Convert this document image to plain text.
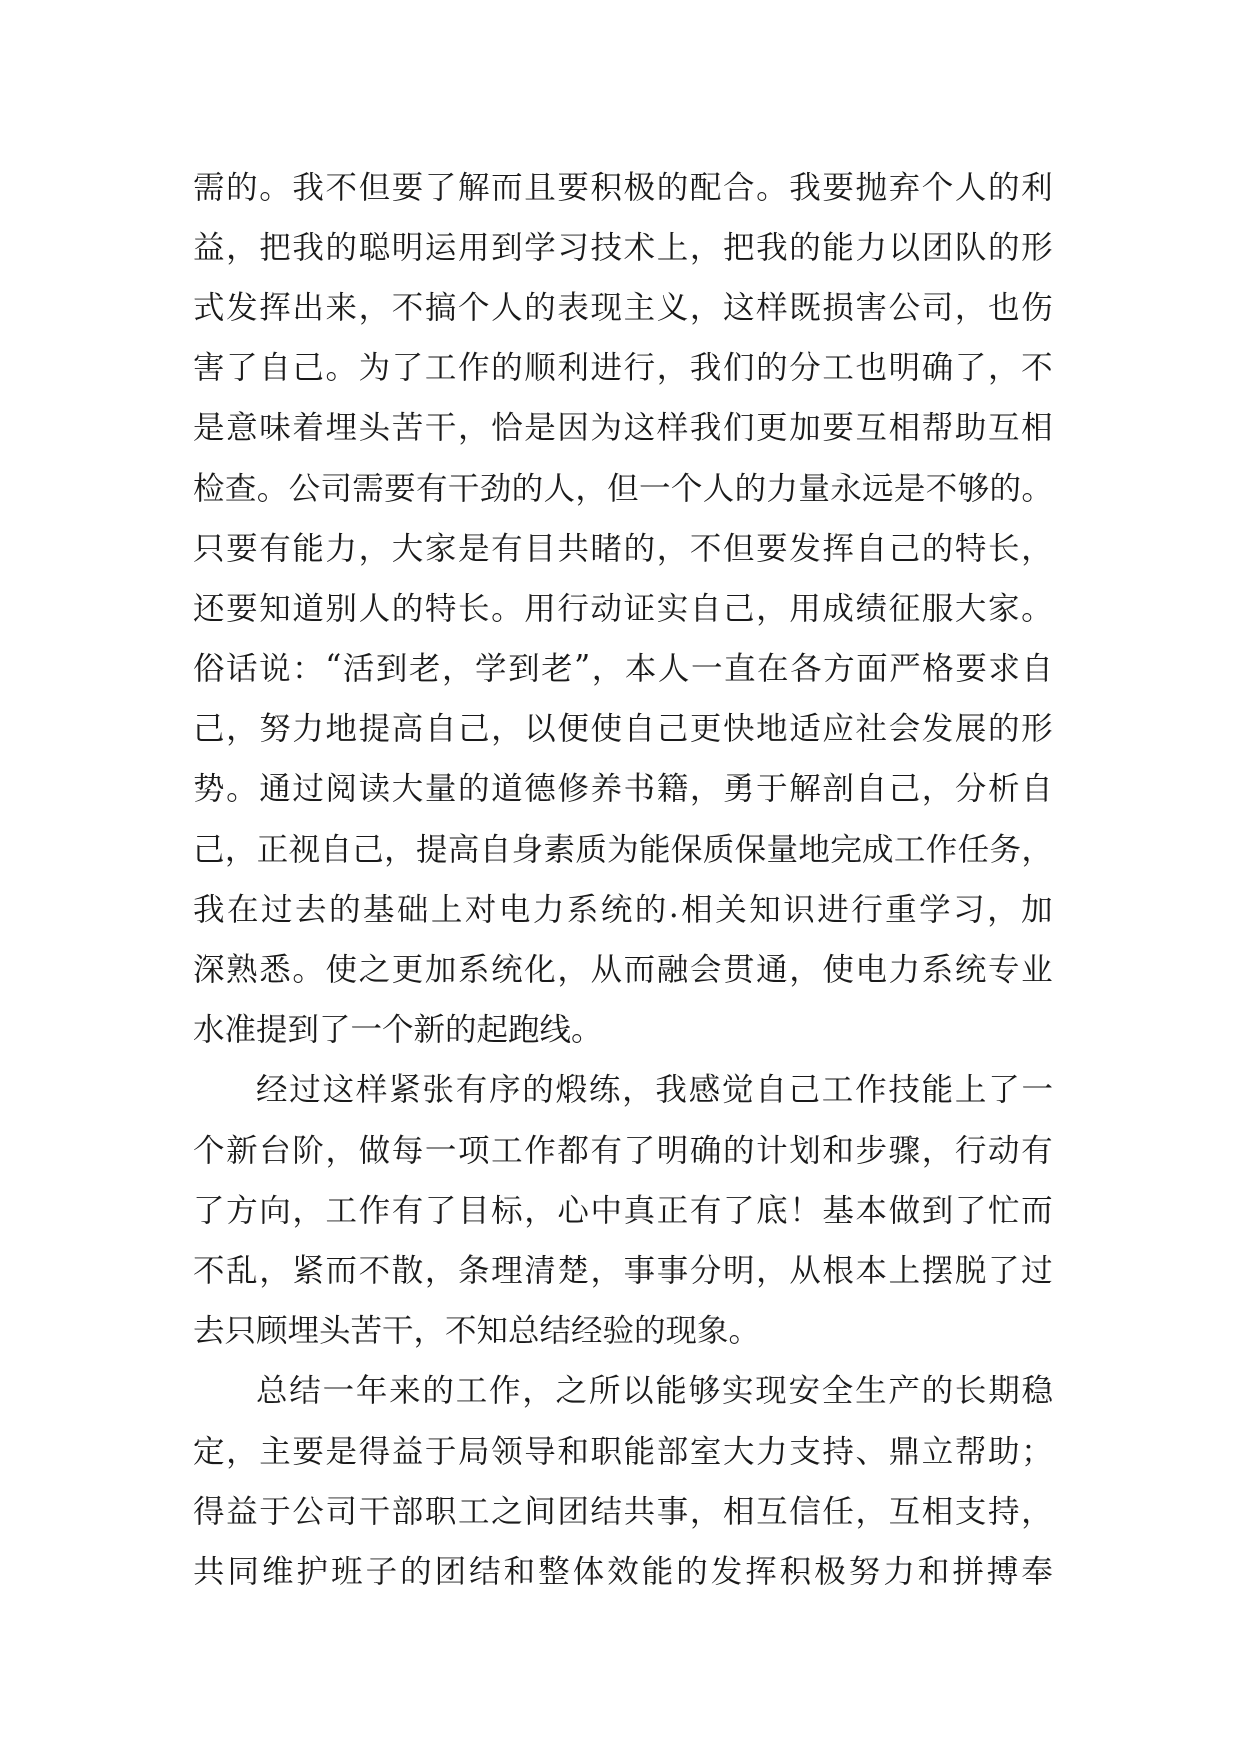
需 的 。 我 不 但 要 了 解 而 且 要 积 极 的 配 合 。 我 要 抛 弃 个 人 的 利
益 ， 把 我 的 聪 明 运 用 到 学 习 技 术 上 ， 把 我 的 能 力 以 团 队 的 形
式 发 挥 出 来 ， 不 搞 个 人 的 表 现 主 义 ， 这 样 既 损 害 公 司 ， 也 伤
害 了 自 己 。 为 了 工 作 的 顺 利 进 行 ， 我 们 的 分 工 也 明 确 了 ， 不
是 意 味 着 埋 头 苦 干 ， 恰 是 因 为 这 样 我 们 更 加 要 互 相 帮 助 互 相
检 查 。 公 司 需 要 有 干 劲 的 人 ， 但 一 个 人 的 力 量 永 远 是 不 够 的 。
只 要 有 能 力 ， 大 家 是 有 目 共 睹 的 ， 不 但 要 发 挥 自 己 的 特 长 ，
还 要 知 道 别 人 的 特 长 。 用 行 动 证 实 自 己 ， 用 成 绩 征 服 大 家 。
俗 话 说 ： “ 活 到 老 ， 学 到 老 ” ， 本 人 一 直 在 各 方 面 严 格 要 求 自
己 ， 努 力 地 提 高 自 己 ， 以 便 使 自 己 更 快 地 适 应 社 会 发 展 的 形
势 。 通 过 阅 读 大 量 的 道 德 修 养 书 籍 ， 勇 于 解 剖 自 己 ， 分 析 自
己 ， 正 视 自 己 ， 提 高 自 身 素 质 为 能 保 质 保 量 地 完 成 工 作 任 务 ，
我 在 过 去 的 基 础 上 对 电 力 系 统 的 . 相 关 知 识 进 行 重 学 习 ， 加
深 熟 悉 。 使 之 更 加 系 统 化 ， 从 而 融 会 贯 通 ， 使 电 力 系 统 专 业
水准提到了一个新的起跑线。
经 过 这 样 紧 张 有 序 的 煅 练 ， 我 感 觉 自 己 工 作 技 能 上 了 一
个 新 台 阶 ， 做 每 一 项 工 作 都 有 了 明 确 的 计 划 和 步 骤 ， 行 动 有
了 方 向 ， 工 作 有 了 目 标 ， 心 中 真 正 有 了 底 ！ 基 本 做 到 了 忙 而
不 乱 ， 紧 而 不 散 ， 条 理 清 楚 ， 事 事 分 明 ， 从 根 本 上 摆 脱 了 过
去只顾埋头苦干，不知总结经验的现象。
总 结 一 年 来 的 工 作 ， 之 所 以 能 够 实 现 安 全 生 产 的 长 期 稳
定 ， 主 要 是 得 益 于 局 领 导 和 职 能 部 室 大 力 支 持 、 鼎 立 帮 助 ；
得 益 于 公 司 干 部 职 工 之 间 团 结 共 事 ， 相 互 信 任 ， 互 相 支 持 ，
共 同 维 护 班 子 的 团 结 和 整 体 效 能 的 发 挥 积 极 努 力 和 拼 搏 奉
